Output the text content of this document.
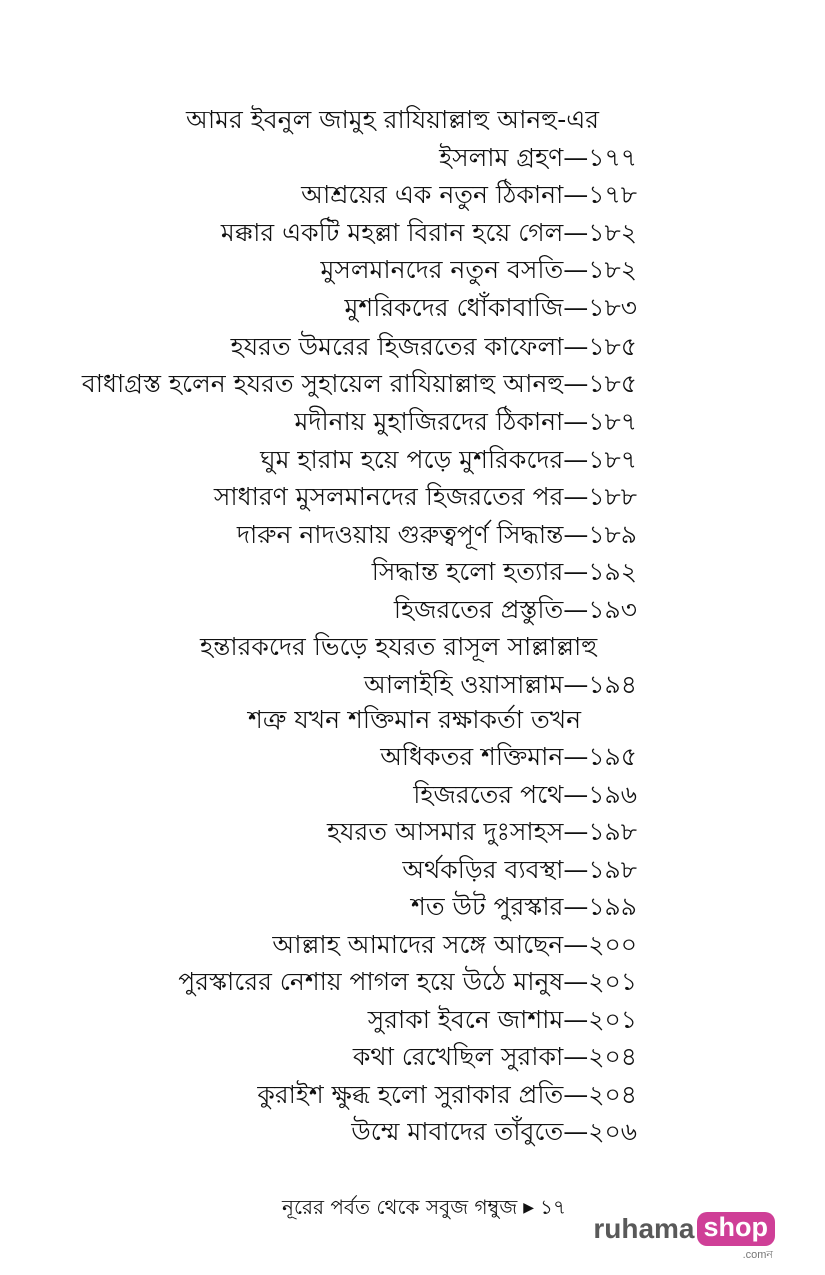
আমর ইবনুল জামুহ রাযিয়াল্লাহু আনহু-এর
ইসলাম গ্রহণ—১৭৭
আশ্রয়ের এক নতুন ঠিকানা—১৭৮
মক্কার একটি মহল্লা বিরান হয়ে গেল—১৮২
মুসলমানদের নতুন বসতি—১৮২
মুশরিকদের ধোঁকাবাজি—১৮৩
হযরত উমরের হিজরতের কাফেলা—১৮৫
বাধাগ্রস্ত হলেন হযরত সুহায়েল রাযিয়াল্লাহু আনহু—১৮৫
মদীনায় মুহাজিরদের ঠিকানা—১৮৭
ঘুম হারাম হয়ে পড়ে মুশরিকদের—১৮৭
সাধারণ মুসলমানদের হিজরতের পর—১৮৮
দারুন নাদওয়ায় গুরুত্বপূর্ণ সিদ্ধান্ত—১৮৯
সিদ্ধান্ত হলো হত্যার—১৯২
হিজরতের প্রস্তুতি—১৯৩
হন্তারকদের ভিড়ে হযরত রাসূল সাল্লাল্লাহু
আলাইহি ওয়াসাল্লাম—১৯৪
শত্রু যখন শক্তিমান রক্ষাকর্তা তখন
অধিকতর শক্তিমান—১৯৫
হিজরতের পথে—১৯৬
হযরত আসমার দুঃসাহস—১৯৮
অর্থকড়ির ব্যবস্থা—১৯৮
শত উট পুরস্কার—১৯৯
আল্লাহ আমাদের সঙ্গে আছেন—২০০
পুরস্কারের নেশায় পাগল হয়ে উঠে মানুষ—২০১
সুরাকা ইবনে জাশাম—২০১
কথা রেখেছিল সুরাকা—২০৪
কুরাইশ ক্ষুব্ধ হলো সুরাকার প্রতি—২০৪
উম্মে মাবাদের তাঁবুতে—২০৬
নূরের পর্বত থেকে সবুজ গম্বুজ ▶ ১৭
ruhama shop
.comন
